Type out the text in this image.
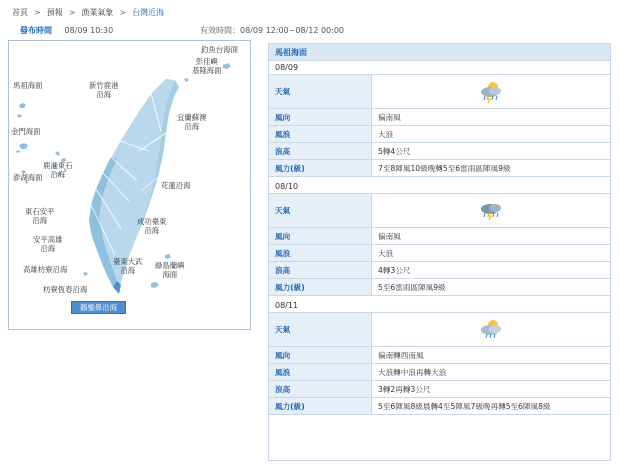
首頁 > 預報 > 漁業氣象 > 台灣近海
發布時間 08/09 10:30	有效時間：08/09 12:00~08/12 00:00
釣魚台海面
彭佳嶼
基隆海面
馬祖海面	新竹鹿港
沿海
宜蘭蘇澳
沿海
金門海面
鹿港東石
沿海
澎湖海面
東石安平
沿海
花蓮沿海
成功臺東
沿海
安平高雄
沿海
臺東大武
沿海
綠島蘭嶼
海面
高雄枋寮沿海
枋寮恆春沿海
鵝鑾鼻沿海
馬祖海面
08/09
天氣
風向	偏南風
風浪	大浪
浪高	5轉4公尺
風力(級)	7至8陣風10級晚轉5至6雷雨區陣風9級
08/10
天氣
風向	偏南風
風浪	大浪
浪高	4轉3公尺
風力(級)	5至6雷雨區陣風9級
08/11
天氣
風向	偏南轉西南風
風浪	大浪轉中浪再轉大浪
浪高	3轉2再轉3公尺
風力(級)	5至6陣風8級晨轉4至5陣風7級晚再轉5至6陣風8級
